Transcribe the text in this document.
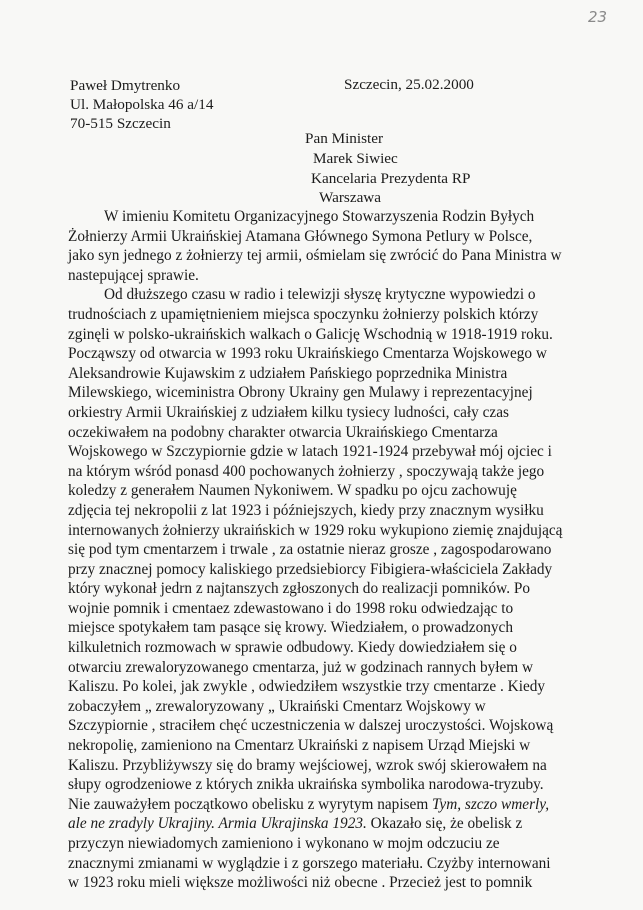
23
Paweł Dmytrenko
Ul. Małopolska 46 a/14
70-515 Szczecin
Szczecin, 25.02.2000
Pan Minister
Marek Siwiec
Kancelaria Prezydenta RP
Warszawa
W imieniu Komitetu Organizacyjnego Stowarzyszenia Rodzin Byłych
Żołnierzy Armii Ukraińskiej Atamana Głównego Symona Petlury w Polsce,
jako syn jednego z żołnierzy tej armii, ośmielam się zwrócić do Pana Ministra w
nastepującej sprawie.
Od dłuższego czasu w radio i telewizji słyszę krytyczne wypowiedzi o
trudnościach z upamiętnieniem miejsca spoczynku żołnierzy polskich którzy
zginęli w polsko-ukraińskich walkach o Galicję Wschodnią w 1918-1919 roku.
Począwszy od otwarcia w 1993 roku Ukraińskiego Cmentarza Wojskowego w
Aleksandrowie Kujawskim z udziałem Pańskiego poprzednika Ministra
Milewskiego, wiceministra Obrony Ukrainy gen Mulawy i reprezentacyjnej
orkiestry Armii Ukraińskiej z udziałem kilku tysiecy ludności, cały czas
oczekiwałem na podobny charakter otwarcia Ukraińskiego Cmentarza
Wojskowego w Szczypiornie gdzie w latach 1921-1924 przebywał mój ojciec i
na którym wśród ponasd 400 pochowanych żołnierzy , spoczywają także jego
koledzy z generałem Naumen Nykoniwem. W spadku po ojcu zachowuję
zdjęcia tej nekropolii z lat 1923 i późniejszych, kiedy przy znacznym wysiłku
internowanych żołnierzy ukraińskich w 1929 roku wykupiono ziemię znajdującą
się pod tym cmentarzem i trwale , za ostatnie nieraz grosze , zagospodarowano
przy znacznej pomocy kaliskiego przedsiebiorcy Fibigiera-właściciela Zakłady
który wykonał jedrn z najtanszych zgłoszonych do realizacji pomników. Po
wojnie pomnik i cmentaez zdewastowano i do 1998 roku odwiedzając to
miejsce spotykałem tam pasące się krowy. Wiedziałem, o prowadzonych
kilkuletnich rozmowach w sprawie odbudowy. Kiedy dowiedziałem się o
otwarciu zrewaloryzowanego cmentarza, już w godzinach rannych byłem w
Kaliszu. Po kolei, jak zwykle , odwiedziłem wszystkie trzy cmentarze . Kiedy
zobaczyłem „ zrewaloryzowany „ Ukraiński Cmentarz Wojskowy w
Szczypiornie , straciłem chęć uczestniczenia w dalszej uroczystości. Wojskową
nekropolię, zamieniono na Cmentarz Ukraiński z napisem Urząd Miejski w
Kaliszu. Przybliżywszy się do bramy wejściowej, wzrok swój skierowałem na
słupy ogrodzeniowe z których znikła ukraińska symbolika narodowa-tryzuby.
Nie zauważyłem początkowo obelisku z wyrytym napisem Tym, szczo wmerly,
ale ne zradyly Ukrajiny. Armia Ukrajinska 1923. Okazało się, że obelisk z
przyczyn niewiadomych zamieniono i wykonano w mojm odczuciu ze
znacznymi zmianami w wyglądzie i z gorszego materiału. Czyżby internowani
w 1923 roku mieli większe możliwości niż obecne . Przecież jest to pomnik
